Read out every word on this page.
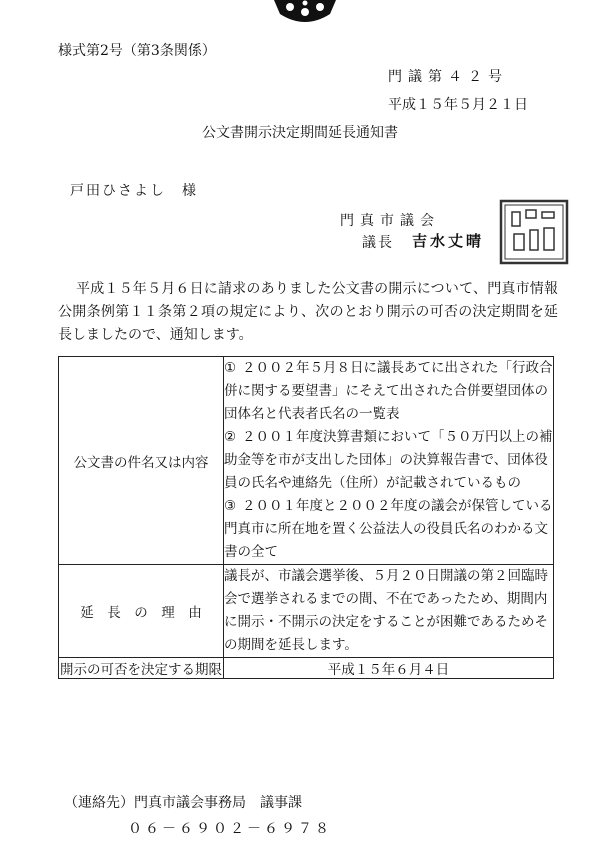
様式第2号（第3条関係）
門議第４２号
平成１５年５月２１日
公文書開示決定期間延長通知書
戸田ひさよし　様
門真市議会
議長 吉水丈晴
平成１５年５月６日に請求のありました公文書の開示について、門真市情報公開条例第１１条第２項の規定により、次のとおり開示の可否の決定期間を延長しましたので、通知します。
公文書の件名又は内容	① ２００２年５月８日に議長あてに出された「行政合併に関する要望書」にそえて出された合併要望団体の団体名と代表者氏名の一覧表
② ２００１年度決算書類において「５０万円以上の補助金等を市が支出した団体」の決算報告書で、団体役員の氏名や連絡先（住所）が記載されているもの
③ ２００１年度と２００２年度の議会が保管している門真市に所在地を置く公益法人の役員氏名のわかる文書の全て

延　長　の　理　由	議長が、市議会選挙後、５月２０日開議の第２回臨時会で選挙されるまでの間、不在であったため、期間内に開示・不開示の決定をすることが困難であるためその期間を延長します。
開示の可否を決定する期限	平成１５年６月４日
（連絡先）門真市議会事務局　議事課
０６－６９０２－６９７８
